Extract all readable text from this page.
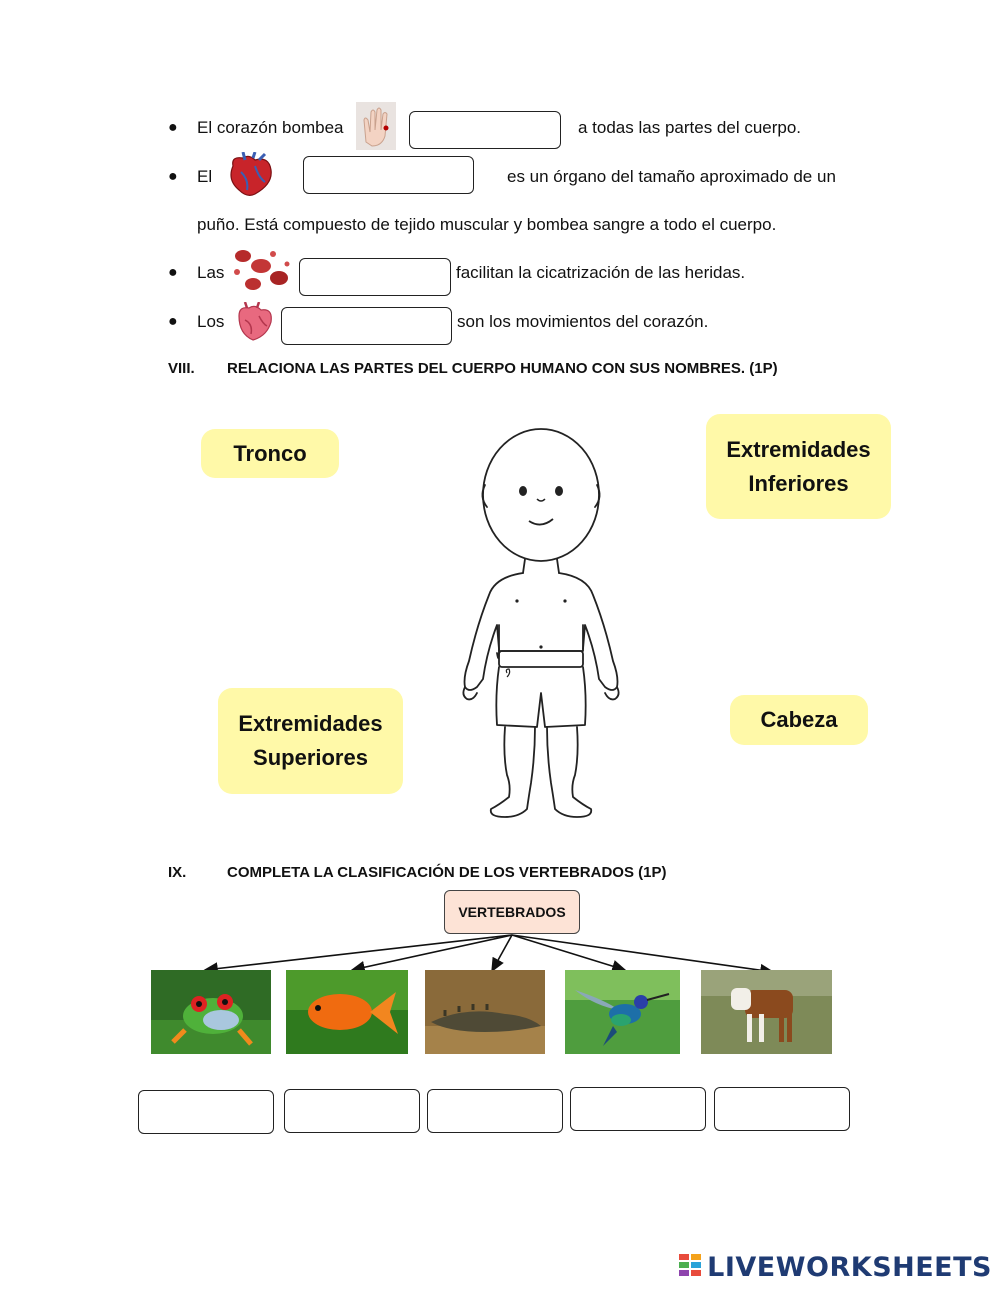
● El corazón bombea	a todas las partes del cuerpo.
● El	es un órgano del tamaño aproximado de un
puño. Está compuesto de tejido muscular y bombea sangre a todo el cuerpo.
● Las	facilitan la cicatrización de las heridas.
● Los	son los movimientos del corazón.
VIII. RELACIONA LAS PARTES DEL CUERPO HUMANO CON SUS NOMBRES. (1P)
Tronco	Extremidades
Inferiores
Extremidades
Superiores
Cabeza
IX.	COMPLETA LA CLASIFICACIÓN DE LOS VERTEBRADOS (1P)
VERTEBRADOS
LIVEWORKSHEETS
